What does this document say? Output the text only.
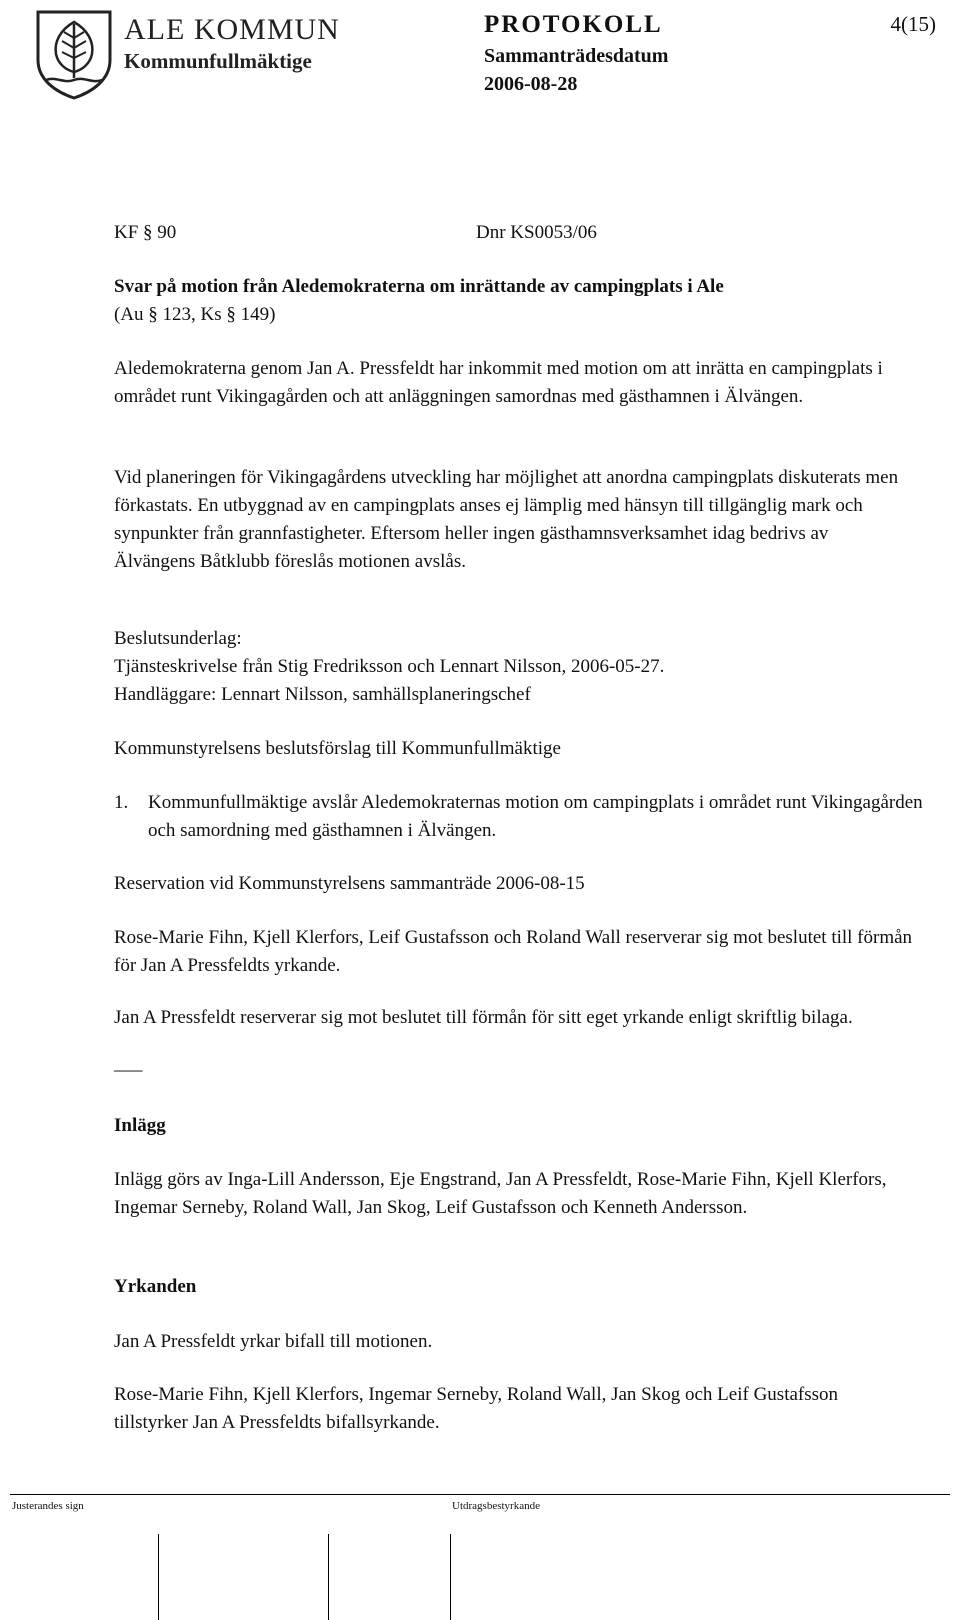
ALE KOMMUN
Kommunfullmäktige
PROTOKOLL
Sammanträdesdatum
2006-08-28
4(15)
KF § 90	Dnr KS0053/06

Svar på motion från Aledemokraterna om inrättande av campingplats i Ale

(Au § 123, Ks § 149)

Aledemokraterna genom Jan A. Pressfeldt har inkommit med motion om att inrätta en campingplats i området runt Vikingagården och att anläggningen samordnas med gästhamnen i Älvängen.

Vid planeringen för Vikingagårdens utveckling har möjlighet att anordna campingplats diskuterats men förkastats. En utbyggnad av en campingplats anses ej lämplig med hänsyn till tillgänglig mark och synpunkter från grannfastigheter. Eftersom heller ingen gästhamnsverksamhet idag bedrivs av Älvängens Båtklubb föreslås motionen avslås.

Beslutsunderlag:

Tjänsteskrivelse från Stig Fredriksson och Lennart Nilsson, 2006-05-27.

Handläggare: Lennart Nilsson, samhällsplaneringschef

Kommunstyrelsens beslutsförslag till Kommunfullmäktige

1.	Kommunfullmäktige avslår Aledemokraternas motion om campingplats i området runt Vikingagården och samordning med gästhamnen i Älvängen.

Reservation vid Kommunstyrelsens sammanträde 2006-08-15

Rose-Marie Fihn, Kjell Klerfors, Leif Gustafsson och Roland Wall reserverar sig mot beslutet till förmån för Jan A Pressfeldts yrkande.

Jan A Pressfeldt reserverar sig mot beslutet till förmån för sitt eget yrkande enligt skriftlig bilaga.

___

Inlägg

Inlägg görs av Inga-Lill Andersson, Eje Engstrand, Jan A Pressfeldt, Rose-Marie Fihn, Kjell Klerfors, Ingemar Serneby, Roland Wall, Jan Skog, Leif Gustafsson och Kenneth Andersson.

Yrkanden

Jan A Pressfeldt yrkar bifall till motionen.

Rose-Marie Fihn, Kjell Klerfors, Ingemar Serneby, Roland Wall, Jan Skog och Leif Gustafsson tillstyrker Jan A Pressfeldts bifallsyrkande.

Justerandes sign	Utdragsbestyrkande
